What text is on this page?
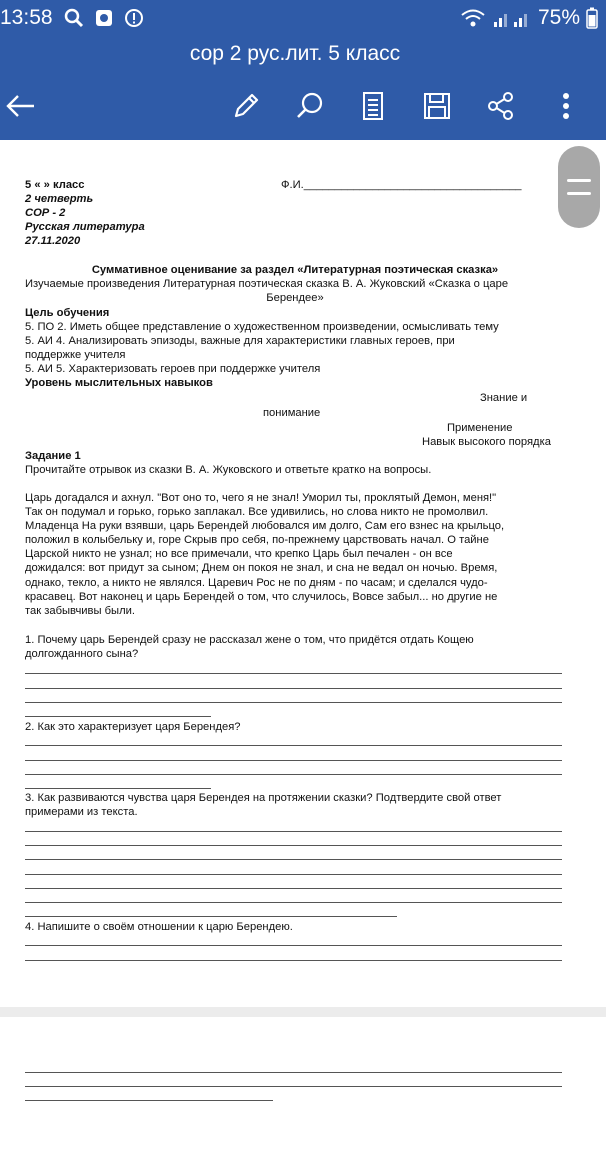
13:58	75%
сор 2 рус.лит. 5 класс
5 « » класс	Ф.И.___________________________________
2 четверть
СОР - 2
Русская литература
27.11.2020
Суммативное оценивание за раздел «Литературная поэтическая сказка»
Изучаемые произведения Литературная поэтическая сказка В. А. Жуковский «Сказка о царе
Берендее»
Цель обучения
5. ПО 2. Иметь общее представление о художественном произведении, осмысливать тему
5. АИ 4. Анализировать эпизоды, важные для характеристики главных героев, при
поддержке учителя
5. АИ 5. Характеризовать героев при поддержке учителя
Уровень мыслительных навыков
Знание и
понимание
Применение
Навык высокого порядка
Задание 1
Прочитайте отрывок из сказки В. А. Жуковского и ответьте кратко на вопросы.
Царь догадался и ахнул. "Вот оно то, чего я не знал! Уморил ты, проклятый Демон, меня!"
Так он подумал и горько, горько заплакал. Все удивились, но слова никто не промолвил.
Младенца На руки взявши, царь Берендей любовался им долго, Сам его взнес на крыльцо,
положил в колыбельку и, горе Скрыв про себя, по-прежнему царствовать начал. О тайне
Царской никто не узнал; но все примечали, что крепко Царь был печален - он все
дожидался: вот придут за сыном; Днем он покоя не знал, и сна не ведал он ночью. Время,
однако, текло, а никто не являлся. Царевич Рос не по дням - по часам; и сделался чудо-
красавец. Вот наконец и царь Берендей о том, что случилось, Вовсе забыл... но другие не
так забывчивы были.
1. Почему царь Берендей сразу не рассказал жене о том, что придётся отдать Кощею
долгожданного сына?
2. Как это характеризует царя Берендея?
3. Как развиваются чувства царя Берендея на протяжении сказки? Подтвердите свой ответ
примерами из текста.
4. Напишите о своём отношении к царю Берендею.
